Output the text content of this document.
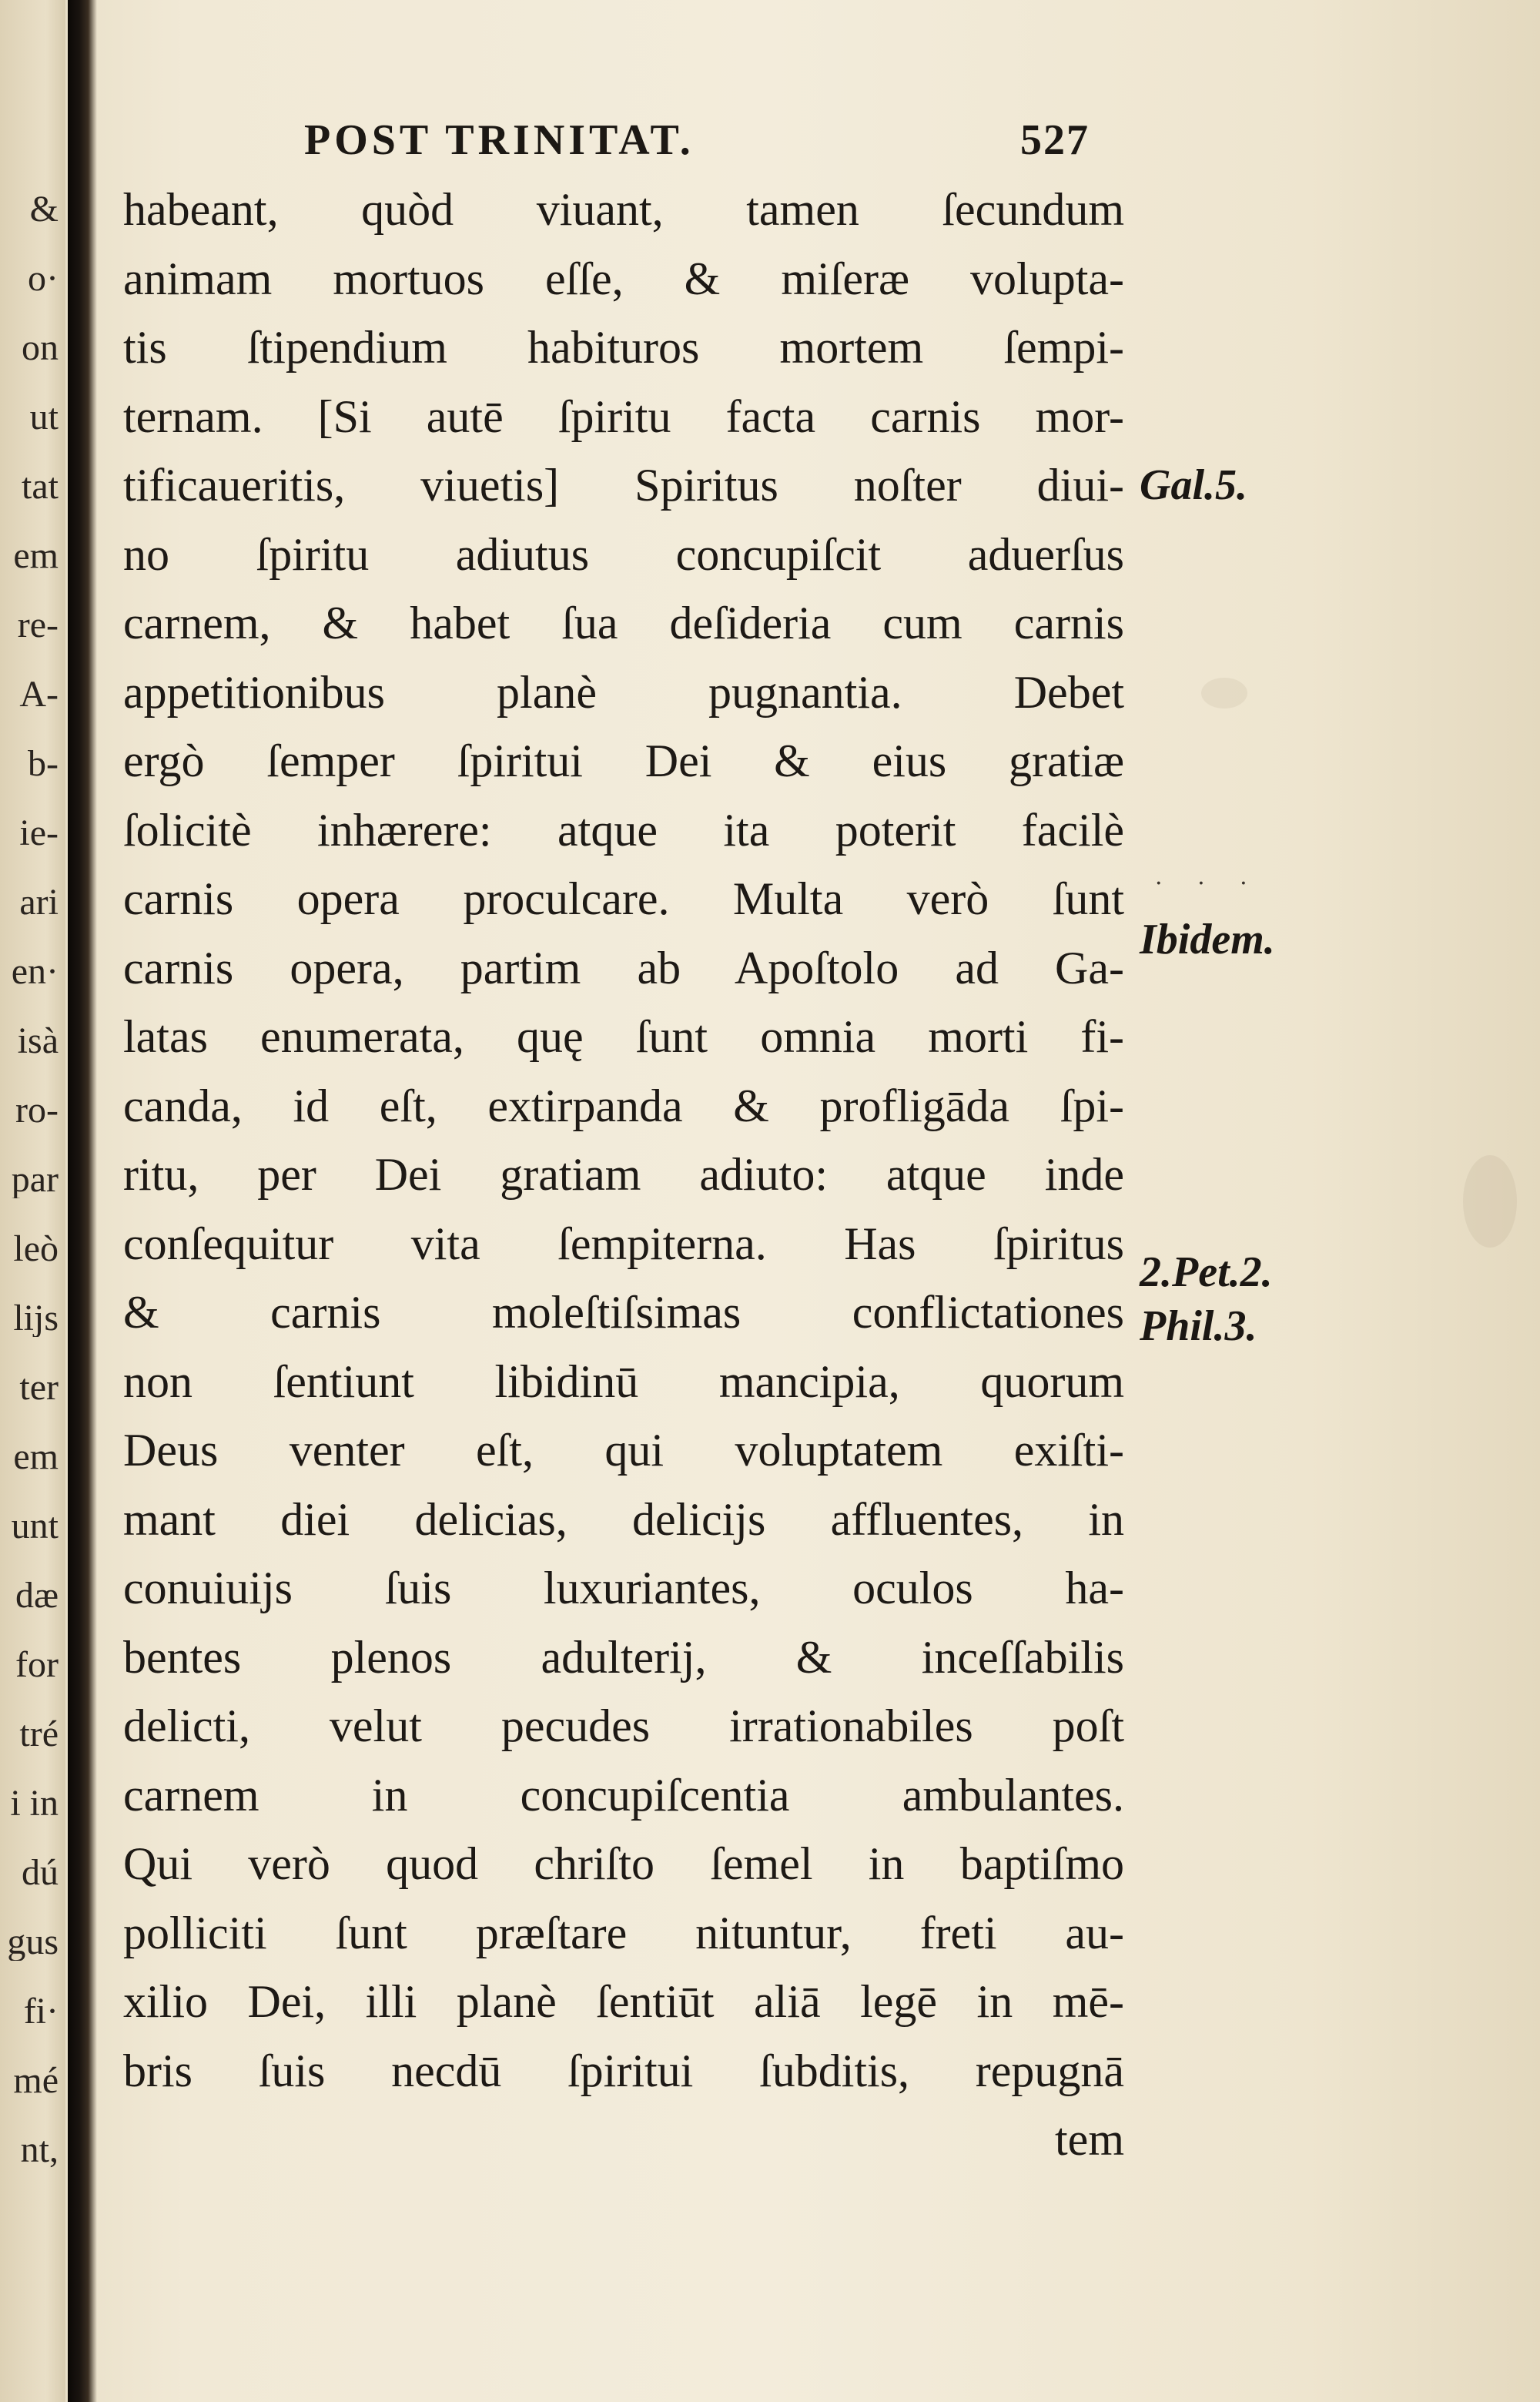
&
o·
on
ut
tat
em
re-
A-
b-
ie-
ari
en·
isà
ro-
par
leò
lijs
ter
em
unt
dæ
for
tré
i in
dú
gus
fi·
mé
nt,
POST TRINITAT.	527
habeant, quòd viuant, tamen ſecundum
animam mortuos eſſe, & miſeræ volupta-
tis ſtipendium habituros mortem ſempi-
ternam. [Si autē ſpiritu facta carnis mor-
tificaueritis, viuetis] Spiritus noſter diui-
no ſpiritu adiutus concupiſcit aduerſus
carnem, & habet ſua deſideria cum carnis
appetitionibus planè pugnantia. Debet
ergò ſemper ſpiritui Dei & eius gratiæ
ſolicitè inhærere: atque ita poterit facilè
carnis opera proculcare. Multa verò ſunt
carnis opera, partim ab Apoſtolo ad Ga-
latas enumerata, quę ſunt omnia morti fi-
canda, id eſt, extirpanda & profligāda ſpi-
ritu, per Dei gratiam adiuto: atque inde
conſequitur vita ſempiterna. Has ſpiritus
& carnis moleſtiſsimas conflictationes
non ſentiunt libidinū mancipia, quorum
Deus venter eſt, qui voluptatem exiſti-
mant diei delicias, delicijs affluentes, in
conuiuijs ſuis luxuriantes, oculos ha-
bentes plenos adulterij, & inceſſabilis
delicti, velut pecudes irrationabiles poſt
carnem in concupiſcentia ambulantes.
Qui verò quod chriſto ſemel in baptiſmo
polliciti ſunt præſtare nituntur, freti au-
xilio Dei, illi planè ſentiūt aliā legē in mē-
bris ſuis necdū ſpiritui ſubditis, repugnā
tem
Gal.5.
· · ·
Ibidem.
2.Pet.2.
Phil.3.
